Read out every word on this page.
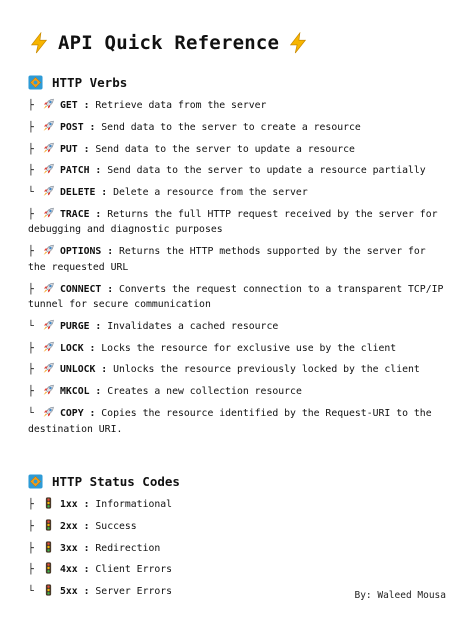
API Quick Reference
HTTP Verbs
├	GET : Retrieve data from the server
├	POST : Send data to the server to create a resource
├	PUT : Send data to the server to update a resource
├	PATCH : Send data to the server to update a resource partially
└	DELETE : Delete a resource from the server
├	TRACE : Returns the full HTTP request received by the server for debugging and diagnostic purposes
├	OPTIONS : Returns the HTTP methods supported by the server for the requested URL
├	CONNECT : Converts the request connection to a transparent TCP/IP tunnel for secure communication
└	PURGE : Invalidates a cached resource
├	LOCK : Locks the resource for exclusive use by the client
├	UNLOCK : Unlocks the resource previously locked by the client
├	MKCOL : Creates a new collection resource
└	COPY : Copies the resource identified by the Request-URI to the destination URI.
HTTP Status Codes
├	1xx : Informational
├	2xx : Success
├	3xx : Redirection
├	4xx : Client Errors
└	5xx : Server Errors	By: Waleed Mousa
